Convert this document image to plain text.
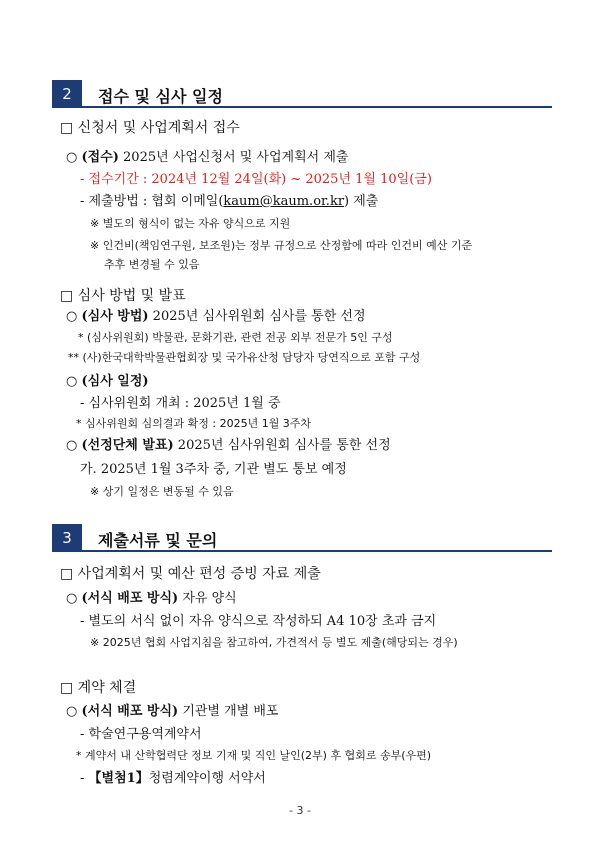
2	접수 및 심사 일정
□ 신청서 및 사업계획서 접수
○ (접수) 2025년 사업신청서 및 사업계획서 제출
- 접수기간 : 2024년 12월 24일(화) ~ 2025년 1월 10일(금)
- 제출방법 : 협회 이메일(kaum@kaum.or.kr) 제출
※ 별도의 형식이 없는 자유 양식으로 지원
※ 인건비(책임연구원, 보조원)는 정부 규정으로 산정함에 따라 인건비 예산 기준
추후 변경될 수 있음
□ 심사 방법 및 발표
○ (심사 방법) 2025년 심사위원회 심사를 통한 선정
* (심사위원회) 박물관, 문화기관, 관련 전공 외부 전문가 5인 구성
** (사)한국대학박물관협회장 및 국가유산청 담당자 당연직으로 포함 구성
○ (심사 일정)
- 심사위원회 개최 : 2025년 1월 중
* 심사위원회 심의결과 확정 : 2025년 1월 3주차
○ (선정단체 발표) 2025년 심사위원회 심사를 통한 선정
가. 2025년 1월 3주차 중, 기관 별도 통보 예정
※ 상기 일정은 변동될 수 있음
3	제출서류 및 문의
□ 사업계획서 및 예산 편성 증빙 자료 제출
○ (서식 배포 방식) 자유 양식
- 별도의 서식 없이 자유 양식으로 작성하되 A4 10장 초과 금지
※ 2025년 협회 사업지침을 참고하여, 가견적서 등 별도 제출(해당되는 경우)
□ 계약 체결
○ (서식 배포 방식) 기관별 개별 배포
- 학술연구용역계약서
* 계약서 내 산학협력단 정보 기재 및 직인 날인(2부) 후 협회로 송부(우편)
- 【별첨1】청렴계약이행 서약서
- 3 -
